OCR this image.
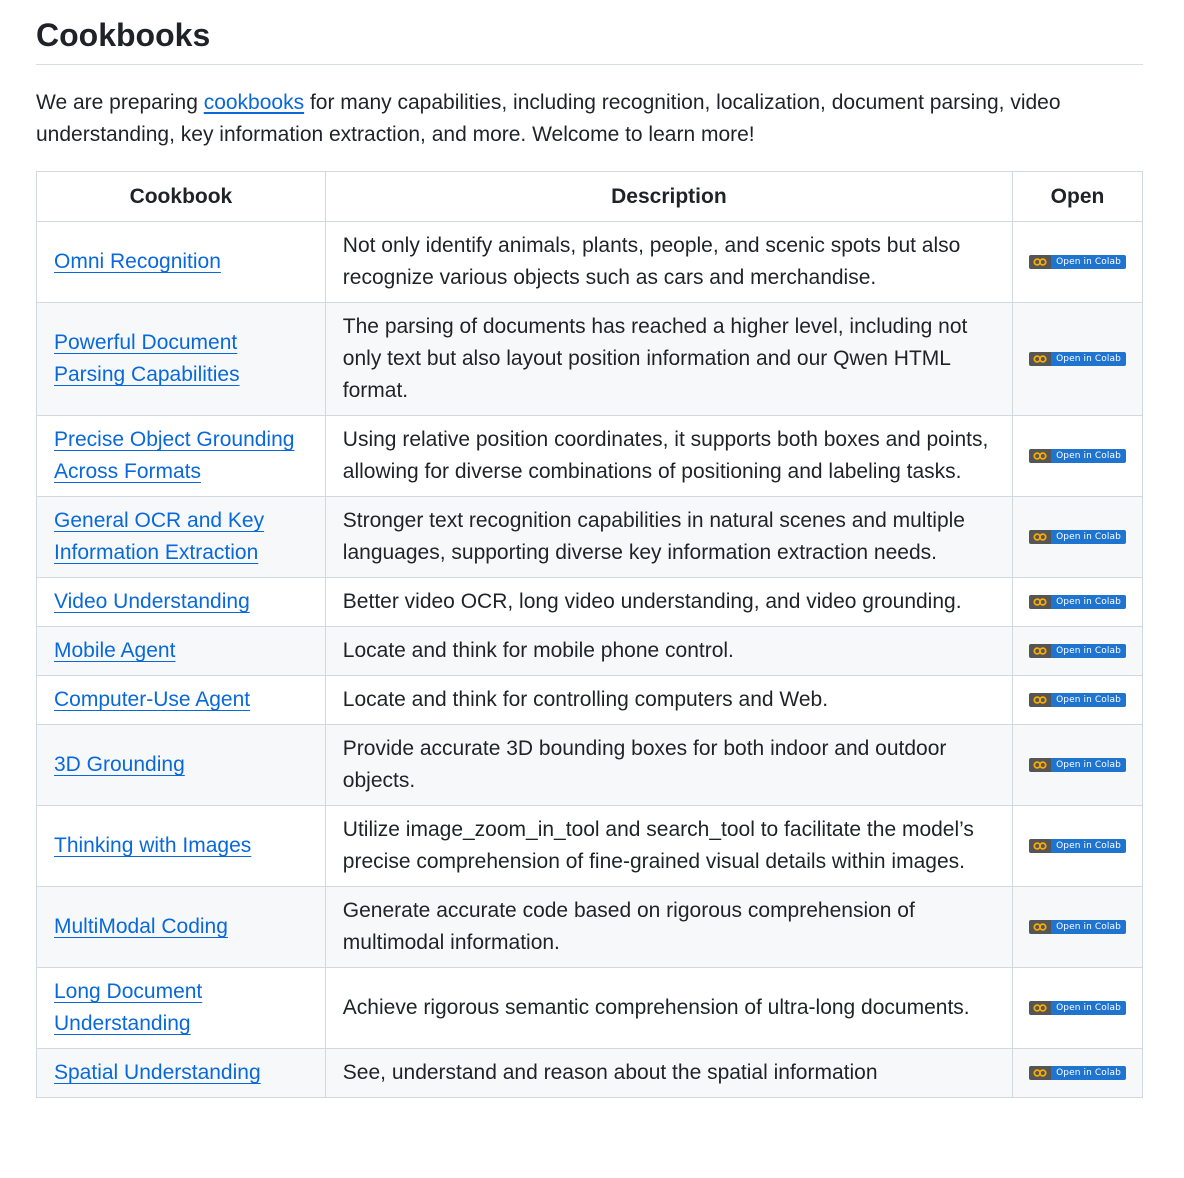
Cookbooks

We are preparing cookbooks for many capabilities, including recognition, localization, document parsing, video understanding, key information extraction, and more. Welcome to learn more!

Cookbook	Description	Open
Omni Recognition	Not only identify animals, plants, people, and scenic spots but also recognize various objects such as cars and merchandise.	Open in Colab

Powerful Document Parsing Capabilities	The parsing of documents has reached a higher level, including not only text but also layout position information and our Qwen HTML format.	Open in Colab

Precise Object Grounding Across Formats	Using relative position coordinates, it supports both boxes and points, allowing for diverse combinations of positioning and labeling tasks.	Open in Colab

General OCR and Key Information Extraction	Stronger text recognition capabilities in natural scenes and multiple languages, supporting diverse key information extraction needs.	Open in Colab

Video Understanding	Better video OCR, long video understanding, and video grounding.	Open in Colab

Mobile Agent	Locate and think for mobile phone control.	Open in Colab

Computer-Use Agent	Locate and think for controlling computers and Web.	Open in Colab

3D Grounding	Provide accurate 3D bounding boxes for both indoor and outdoor objects.	Open in Colab

Thinking with Images	Utilize image_zoom_in_tool and search_tool to facilitate the model’s precise comprehension of fine-grained visual details within images.	Open in Colab

MultiModal Coding	Generate accurate code based on rigorous comprehension of multimodal information.	Open in Colab

Long Document Understanding	Achieve rigorous semantic comprehension of ultra-long documents.	Open in Colab

Spatial Understanding	See, understand and reason about the spatial information	Open in Colab
